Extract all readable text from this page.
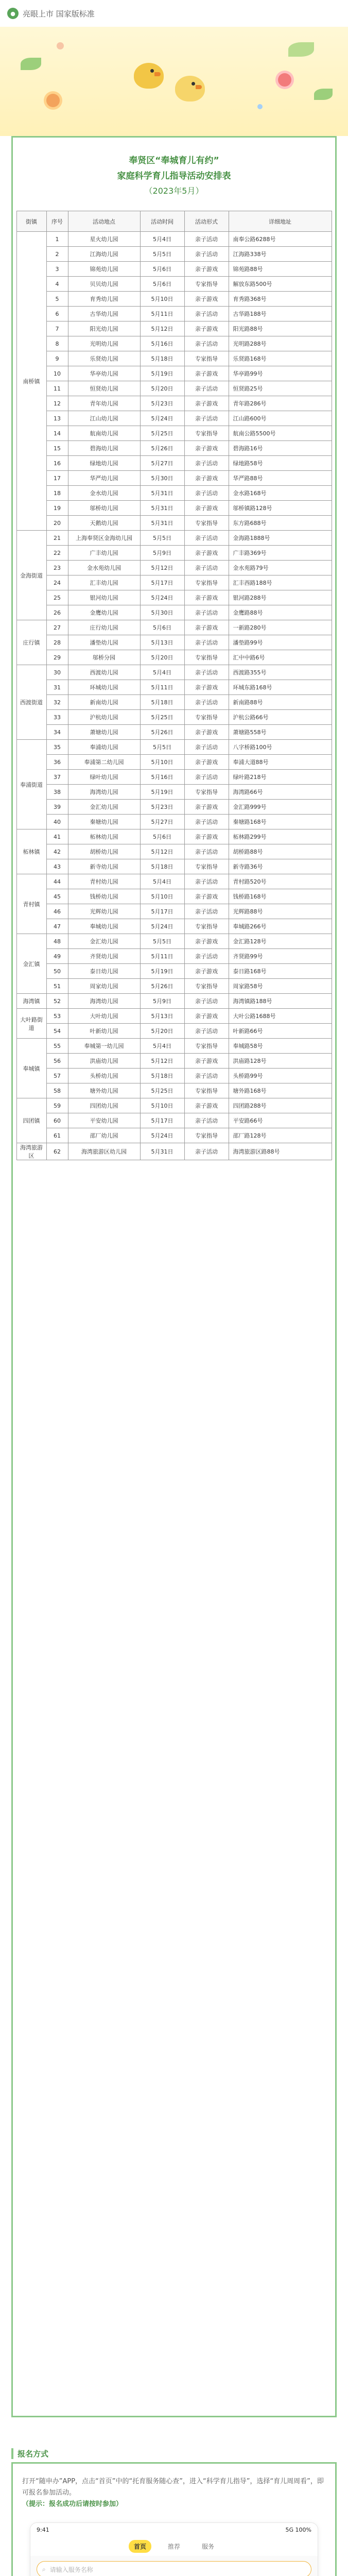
● 亮眼上市 国家版标准
奉贤区“奉城育儿有约”
家庭科学育儿指导活动安排表
（2023年5月）
街镇	序号	活动地点	活动时间	活动形式	详细地址
南桥镇	1	星火幼儿园	5月4日	亲子活动	南奉公路6288号
	2	江海幼儿园	5月5日	亲子活动	江海路338号
	3	锦苑幼儿园	5月6日	亲子游戏	锦苑路88号
	4	贝贝幼儿园	5月6日	专家指导	解放东路500号
	5	育秀幼儿园	5月10日	亲子游戏	育秀路368号
	6	古华幼儿园	5月11日	亲子活动	古华路188号
	7	阳光幼儿园	5月12日	亲子游戏	阳光路88号
	8	光明幼儿园	5月16日	亲子活动	光明路288号
	9	乐贤幼儿园	5月18日	专家指导	乐贤路168号
	10	华亭幼儿园	5月19日	亲子游戏	华亭路99号
	11	恒贤幼儿园	5月20日	亲子活动	恒贤路25号
	12	青年幼儿园	5月23日	亲子游戏	青年路286号
	13	江山幼儿园	5月24日	亲子活动	江山路600号
	14	航南幼儿园	5月25日	专家指导	航南公路5500号
	15	碧海幼儿园	5月26日	亲子游戏	碧海路16号
	16	绿地幼儿园	5月27日	亲子活动	绿地路58号
	17	华严幼儿园	5月30日	亲子游戏	华严路88号
	18	金水幼儿园	5月31日	亲子活动	金水路168号
	19	邬桥幼儿园	5月31日	亲子游戏	邬桥镇路128号
	20	天鹅幼儿园	5月31日	专家指导	东方路688号
金海街道	21	上海奉贤区金海幼儿园	5月5日	亲子活动	金海路1888号
	22	广丰幼儿园	5月9日	亲子游戏	广丰路369号
	23	金水苑幼儿园	5月12日	亲子活动	金水苑路79号
	24	汇丰幼儿园	5月17日	专家指导	汇丰西路188号
	25	银河幼儿园	5月24日	亲子游戏	银河路288号
	26	金鹰幼儿园	5月30日	亲子活动	金鹰路88号
庄行镇	27	庄行幼儿园	5月6日	亲子游戏	一新路280号
	28	潘垫幼儿园	5月13日	亲子活动	潘垫路99号
	29	邬桥分园	5月20日	专家指导	汇中中路6号
西渡街道	30	西渡幼儿园	5月4日	亲子活动	西渡路355号
	31	环城幼儿园	5月11日	亲子游戏	环城东路168号
	32	新南幼儿园	5月18日	亲子活动	新南路88号
	33	沪杭幼儿园	5月25日	专家指导	沪杭公路66号
	34	萧塘幼儿园	5月26日	亲子游戏	萧塘路558号
奉浦街道	35	奉浦幼儿园	5月5日	亲子活动	八字桥路100号
	36	奉浦第二幼儿园	5月10日	亲子游戏	奉浦大道88号
	37	绿叶幼儿园	5月16日	亲子活动	绿叶路218号
	38	海湾幼儿园	5月19日	专家指导	海湾路66号
	39	金汇幼儿园	5月23日	亲子游戏	金汇路999号
	40	秦塘幼儿园	5月27日	亲子活动	秦塘路168号
柘林镇	41	柘林幼儿园	5月6日	亲子游戏	柘林路299号
	42	胡桥幼儿园	5月12日	亲子活动	胡桥路88号
	43	新寺幼儿园	5月18日	专家指导	新寺路36号
青村镇	44	青村幼儿园	5月4日	亲子活动	青村路520号
	45	钱桥幼儿园	5月10日	亲子游戏	钱桥路168号
	46	光辉幼儿园	5月17日	亲子活动	光辉路88号
	47	奉城幼儿园	5月24日	专家指导	奉城路266号
金汇镇	48	金汇幼儿园	5月5日	亲子游戏	金汇路128号
	49	齐贤幼儿园	5月11日	亲子活动	齐贤路99号
	50	泰日幼儿园	5月19日	亲子游戏	泰日路168号
	51	周家幼儿园	5月26日	专家指导	周家路58号
海湾镇	52	海湾幼儿园	5月9日	亲子活动	海湾镇路188号
大叶路街道	53	大叶幼儿园	5月13日	亲子游戏	大叶公路1688号
	54	叶新幼儿园	5月20日	亲子活动	叶新路66号
奉城镇	55	奉城第一幼儿园	5月4日	专家指导	奉城路58号
	56	洪庙幼儿园	5月12日	亲子游戏	洪庙路128号
	57	头桥幼儿园	5月18日	亲子活动	头桥路99号
	58	塘外幼儿园	5月25日	专家指导	塘外路168号
四团镇	59	四团幼儿园	5月10日	亲子游戏	四团路288号
	60	平安幼儿园	5月17日	亲子活动	平安路66号
	61	邵厂幼儿园	5月24日	专家指导	邵厂路128号
海湾旅游区	62	海湾旅游区幼儿园	5月31日	亲子活动	海湾旅游区路88号
报名方式

打开“随申办”APP，点击“首页”中的“托育服务随心查”，进入“科学育儿指导”，选择“育儿周周看”，即可报名参加活动。

（提示：报名成功后请按时参加）

9:41	5G 100%
首页	推荐	服务
⌕ 请输入服务名称
